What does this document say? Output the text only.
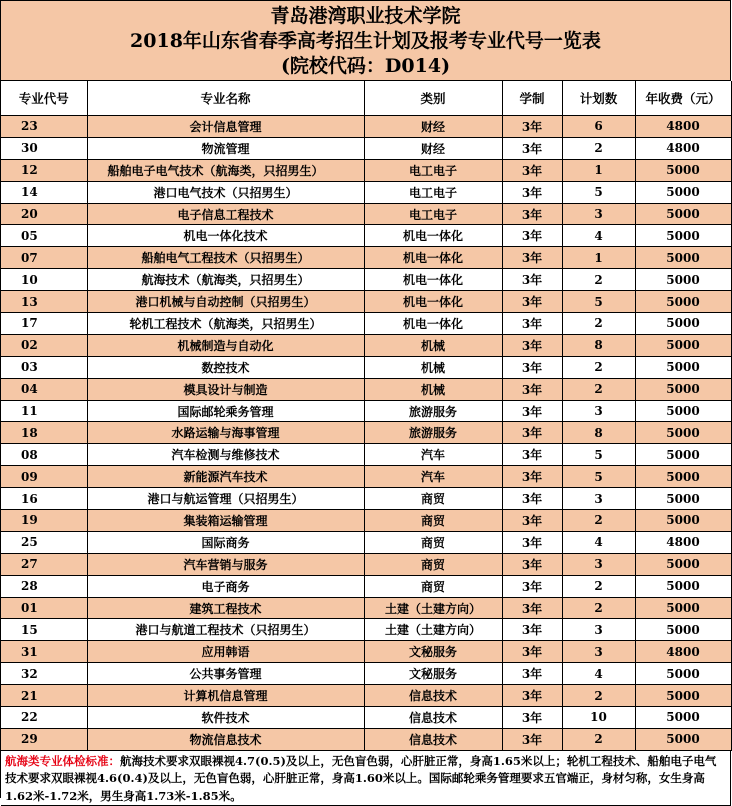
青岛港湾职业技术学院
2018年山东省春季高考招生计划及报考专业代号一览表
(院校代码：D014)
专业代号	专业名称	类别	学制	计划数	年收费（元）
23	会计信息管理	财经	3年	6	4800
30	物流管理	财经	3年	2	4800
12	船舶电子电气技术（航海类，只招男生）	电工电子	3年	1	5000
14	港口电气技术（只招男生）	电工电子	3年	5	5000
20	电子信息工程技术	电工电子	3年	3	5000
05	机电一体化技术	机电一体化	3年	4	5000
07	船舶电气工程技术（只招男生）	机电一体化	3年	1	5000
10	航海技术（航海类，只招男生）	机电一体化	3年	2	5000
13	港口机械与自动控制（只招男生）	机电一体化	3年	5	5000
17	轮机工程技术（航海类，只招男生）	机电一体化	3年	2	5000
02	机械制造与自动化	机械	3年	8	5000
03	数控技术	机械	3年	2	5000
04	模具设计与制造	机械	3年	2	5000
11	国际邮轮乘务管理	旅游服务	3年	3	5000
18	水路运输与海事管理	旅游服务	3年	8	5000
08	汽车检测与维修技术	汽车	3年	5	5000
09	新能源汽车技术	汽车	3年	5	5000
16	港口与航运管理（只招男生）	商贸	3年	3	5000
19	集装箱运输管理	商贸	3年	2	5000
25	国际商务	商贸	3年	4	4800
27	汽车营销与服务	商贸	3年	3	5000
28	电子商务	商贸	3年	2	5000
01	建筑工程技术	土建（土建方向）	3年	2	5000
15	港口与航道工程技术（只招男生）	土建（土建方向）	3年	3	5000
31	应用韩语	文秘服务	3年	3	4800
32	公共事务管理	文秘服务	3年	4	5000
21	计算机信息管理	信息技术	3年	2	5000
22	软件技术	信息技术	3年	10	5000
29	物流信息技术	信息技术	3年	2	5000
航海类专业体检标准：航海技术要求双眼裸视4.7(0.5)及以上，无色盲色弱，心肝脏正常，身高1.65米以上；轮机工程技术、船舶电子电气技术要求双眼裸视4.6(0.4)及以上，无色盲色弱，心肝脏正常，身高1.60米以上。国际邮轮乘务管理要求五官端正，身材匀称，女生身高1.62米-1.72米，男生身高1.73米-1.85米。
